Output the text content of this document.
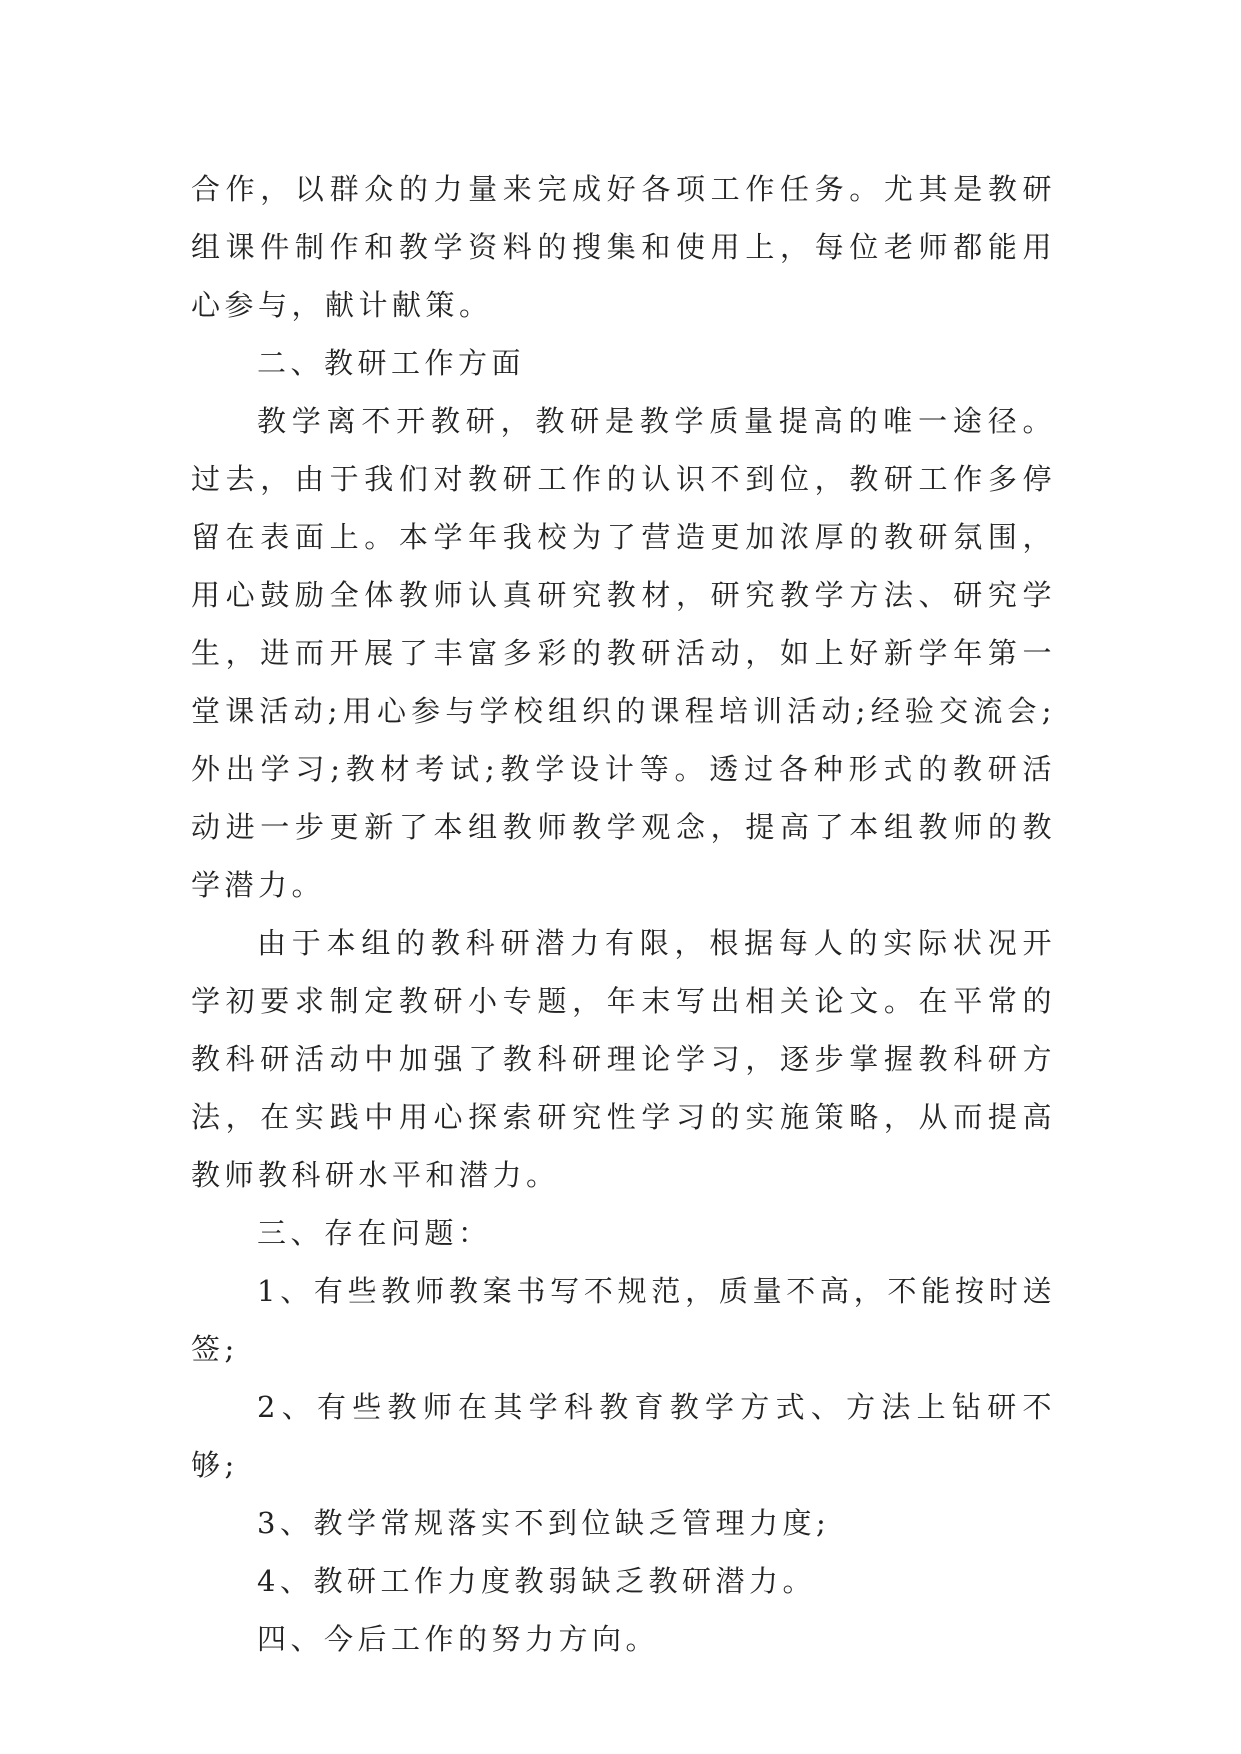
合作，以群众的力量来完成好各项工作任务。尤其是教研组课件制作和教学资料的搜集和使用上，每位老师都能用心参与，献计献策。

二、教研工作方面

教学离不开教研，教研是教学质量提高的唯一途径。过去，由于我们对教研工作的认识不到位，教研工作多停留在表面上。本学年我校为了营造更加浓厚的教研氛围，用心鼓励全体教师认真研究教材，研究教学方法、研究学生，进而开展了丰富多彩的教研活动，如上好新学年第一堂课活动;用心参与学校组织的课程培训活动;经验交流会;外出学习;教材考试;教学设计等。透过各种形式的教研活动进一步更新了本组教师教学观念，提高了本组教师的教学潜力。

由于本组的教科研潜力有限，根据每人的实际状况开学初要求制定教研小专题，年末写出相关论文。在平常的教科研活动中加强了教科研理论学习，逐步掌握教科研方法，在实践中用心探索研究性学习的实施策略，从而提高教师教科研水平和潜力。

三、存在问题：

1、有些教师教案书写不规范，质量不高，不能按时送签;

2、有些教师在其学科教育教学方式、方法上钻研不够;

3、教学常规落实不到位缺乏管理力度;

4、教研工作力度教弱缺乏教研潜力。

四、今后工作的努力方向。
